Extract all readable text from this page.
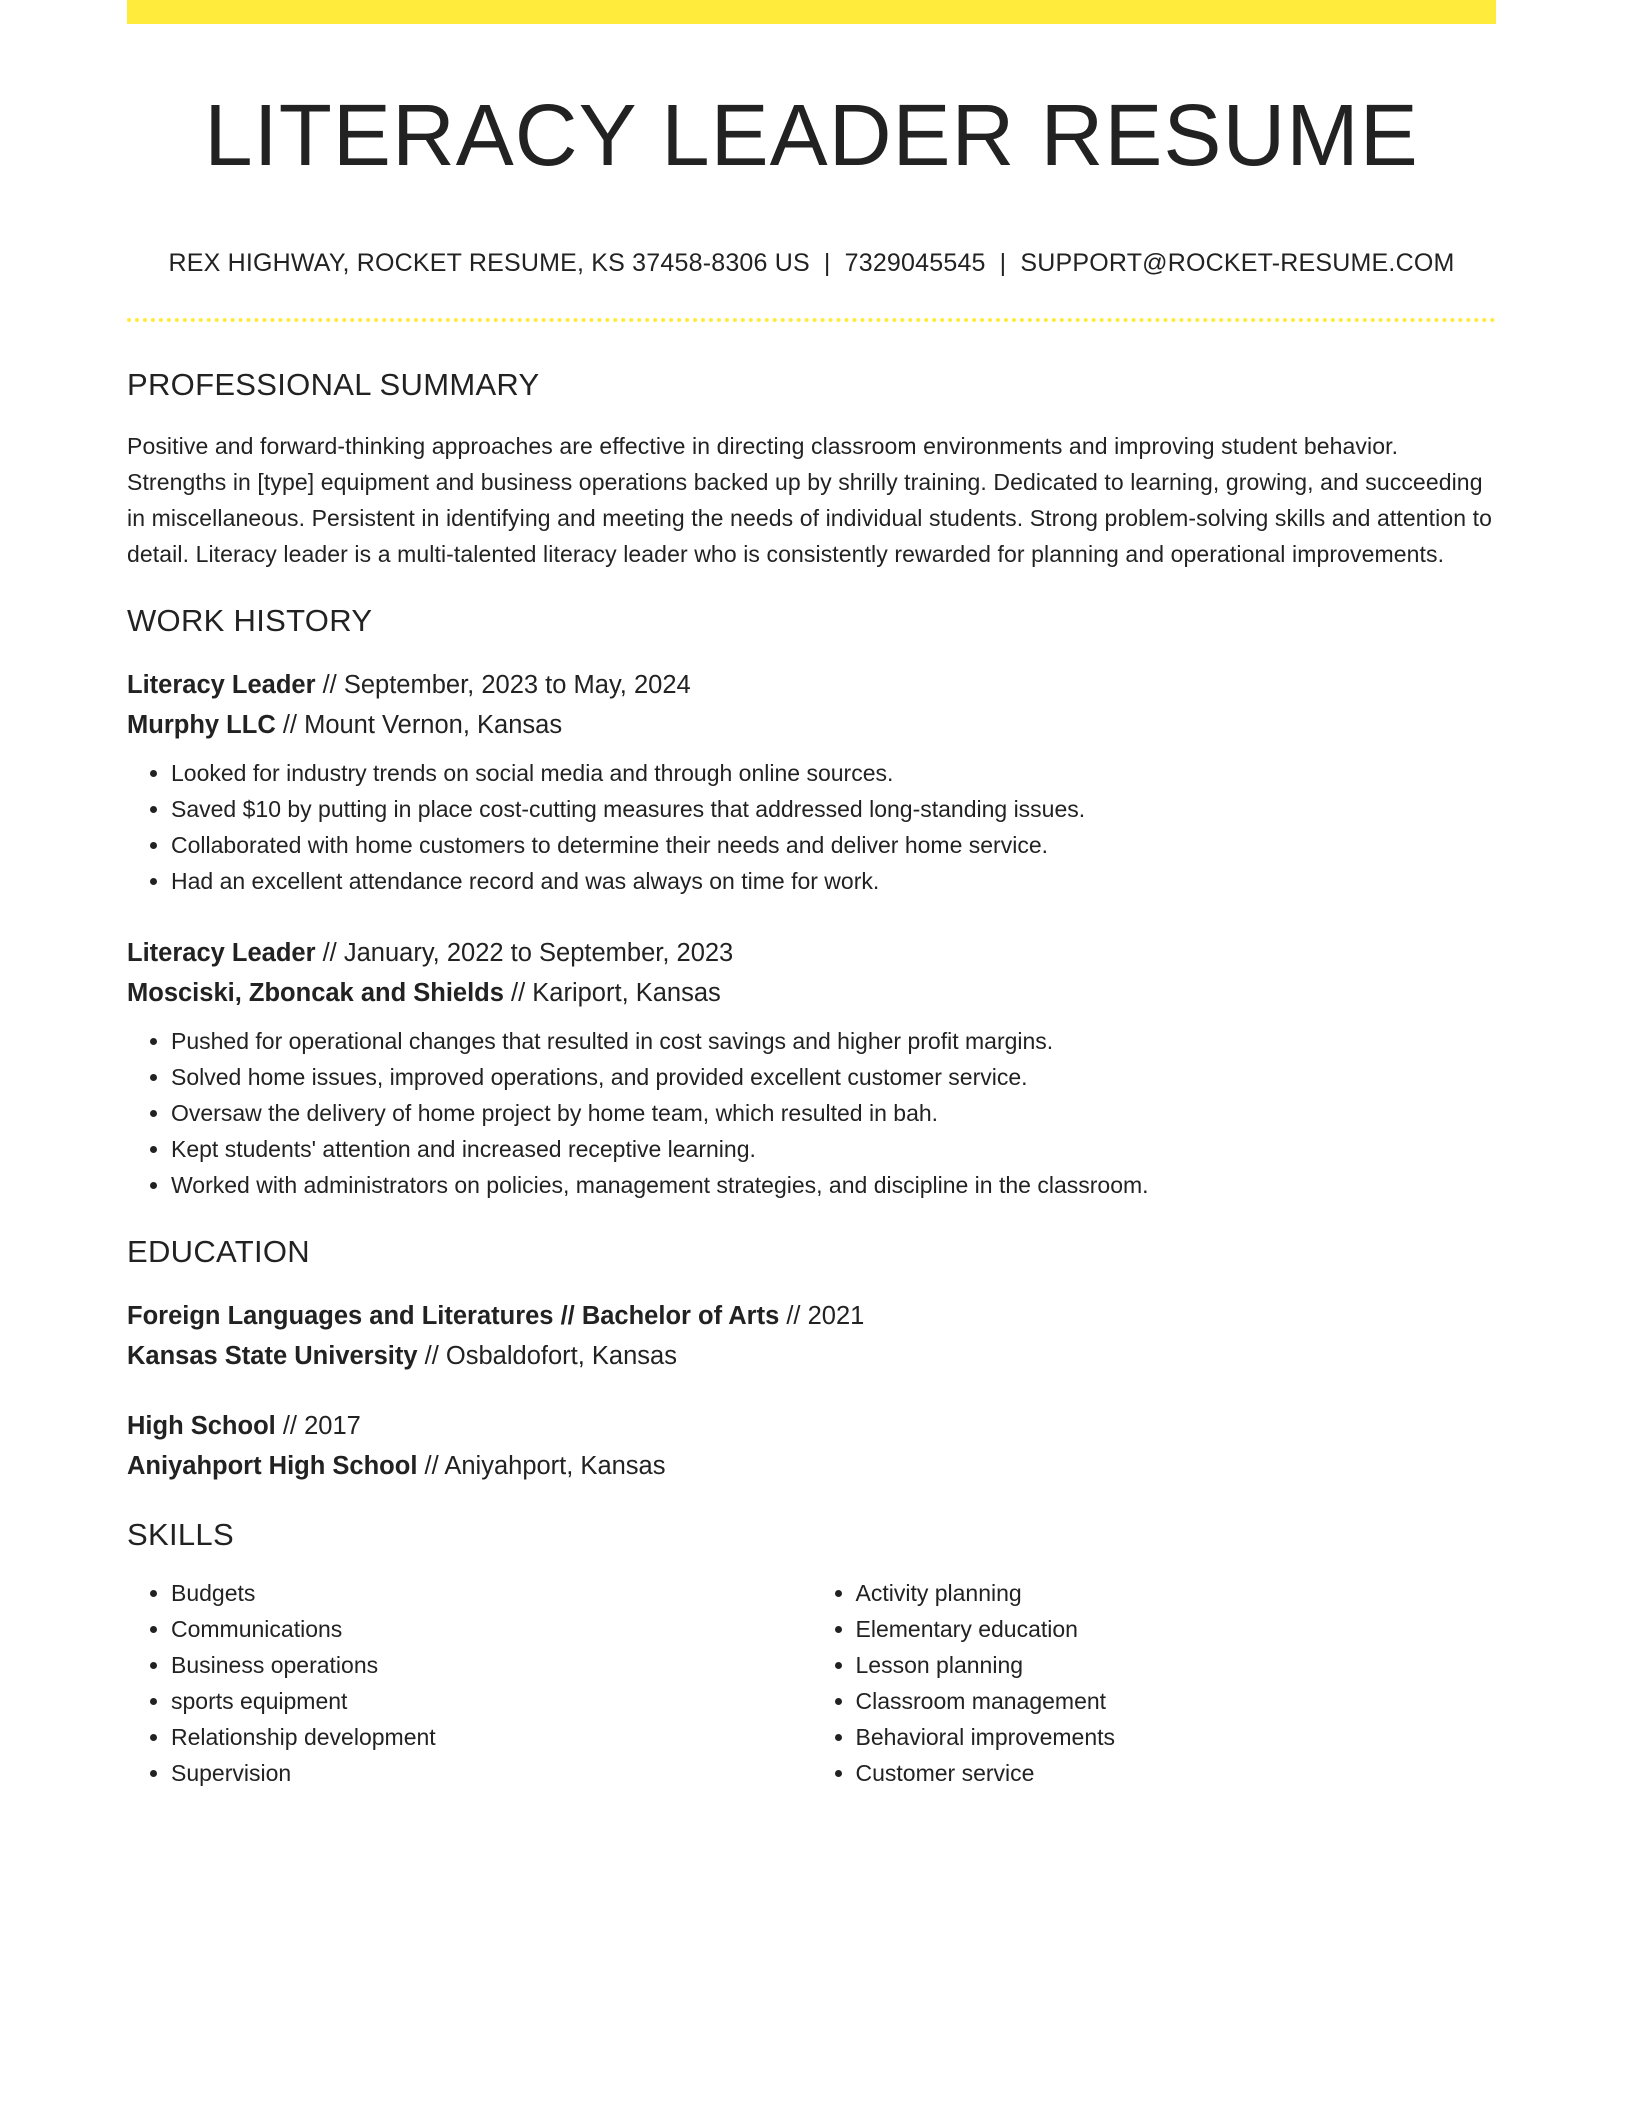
LITERACY LEADER RESUME
REX HIGHWAY, ROCKET RESUME, KS 37458-8306 US | 7329045545 | SUPPORT@ROCKET-RESUME.COM
PROFESSIONAL SUMMARY

Positive and forward-thinking approaches are effective in directing classroom environments and improving student behavior. Strengths in [type] equipment and business operations backed up by shrilly training. Dedicated to learning, growing, and succeeding in miscellaneous. Persistent in identifying and meeting the needs of individual students. Strong problem-solving skills and attention to detail. Literacy leader is a multi-talented literacy leader who is consistently rewarded for planning and operational improvements.

WORK HISTORY
Literacy Leader // September, 2023 to May, 2024
Murphy LLC // Mount Vernon, Kansas
• Looked for industry trends on social media and through online sources.
• Saved $10 by putting in place cost-cutting measures that addressed long-standing issues.
• Collaborated with home customers to determine their needs and deliver home service.
• Had an excellent attendance record and was always on time for work.
Literacy Leader // January, 2022 to September, 2023
Mosciski, Zboncak and Shields // Kariport, Kansas
• Pushed for operational changes that resulted in cost savings and higher profit margins.
• Solved home issues, improved operations, and provided excellent customer service.
• Oversaw the delivery of home project by home team, which resulted in bah.
• Kept students' attention and increased receptive learning.
• Worked with administrators on policies, management strategies, and discipline in the classroom.
EDUCATION
Foreign Languages and Literatures // Bachelor of Arts // 2021
Kansas State University // Osbaldofort, Kansas
High School // 2017
Aniyahport High School // Aniyahport, Kansas
SKILLS
• Budgets
• Communications
• Business operations
• sports equipment
• Relationship development
• Supervision
• Activity planning
• Elementary education
• Lesson planning
• Classroom management
• Behavioral improvements
• Customer service
